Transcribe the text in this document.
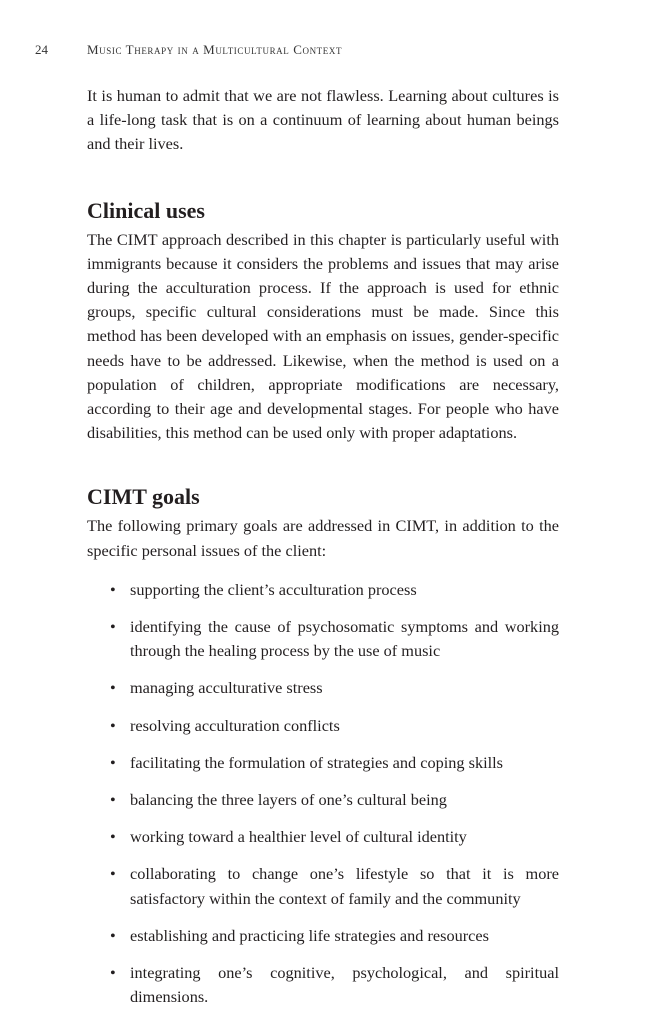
24	Music Therapy in a Multicultural Context

It is human to admit that we are not flawless. Learning about cultures is a life-long task that is on a continuum of learning about human beings and their lives.

Clinical uses

The CIMT approach described in this chapter is particularly useful with immigrants because it considers the problems and issues that may arise during the acculturation process. If the approach is used for ethnic groups, specific cultural considerations must be made. Since this method has been developed with an emphasis on issues, gender-specific needs have to be addressed. Likewise, when the method is used on a population of children, appropriate modifications are necessary, according to their age and developmental stages. For people who have disabilities, this method can be used only with proper adaptations.

CIMT goals

The following primary goals are addressed in CIMT, in addition to the specific personal issues of the client:

• supporting the client’s acculturation process
• identifying the cause of psychosomatic symptoms and working through the healing process by the use of music
• managing acculturative stress
• resolving acculturation conflicts
• facilitating the formulation of strategies and coping skills
• balancing the three layers of one’s cultural being
• working toward a healthier level of cultural identity
• collaborating to change one’s lifestyle so that it is more satisfactory within the context of family and the community
• establishing and practicing life strategies and resources
• integrating one’s cognitive, psychological, and spiritual dimensions.
